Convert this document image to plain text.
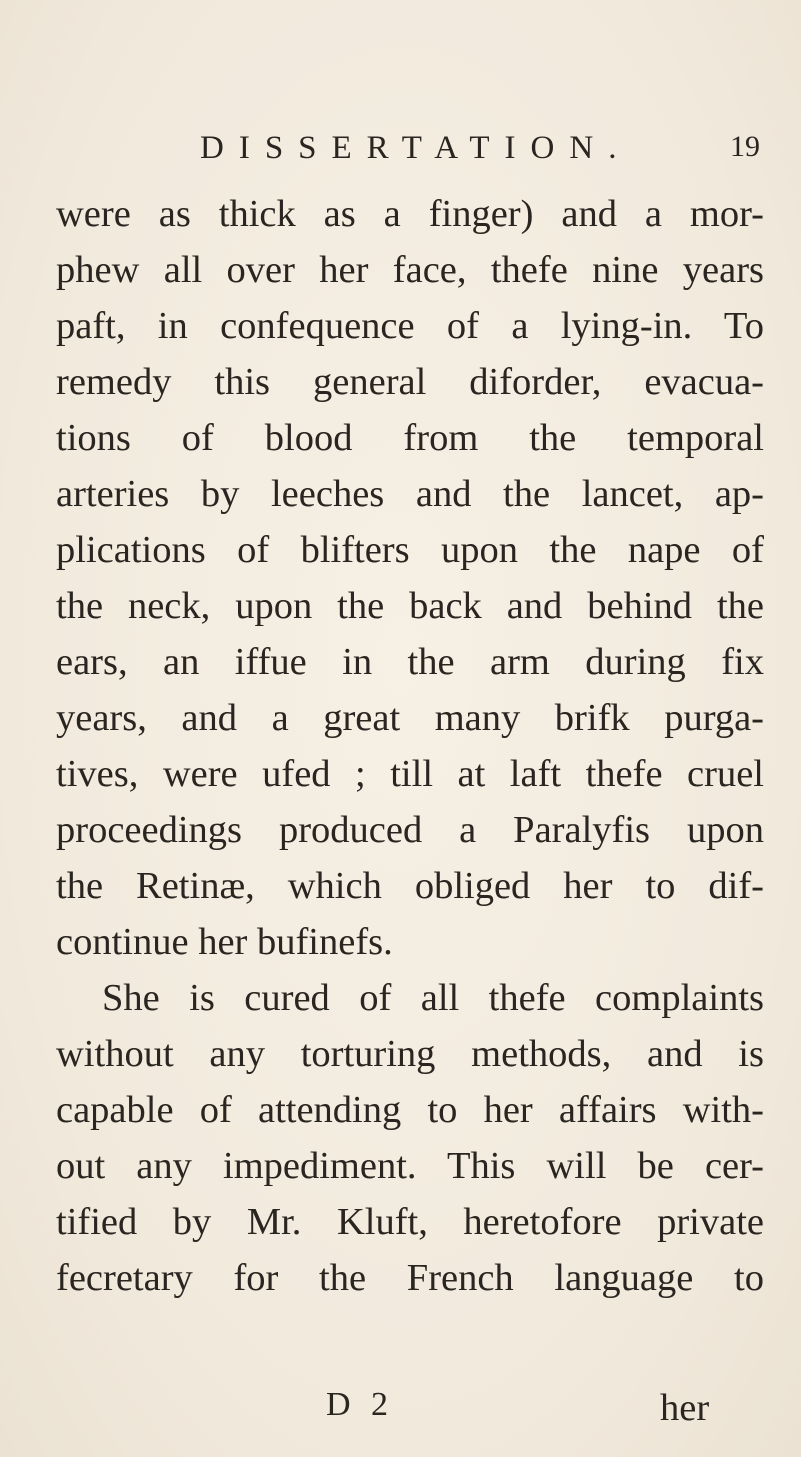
DISSERTATION.	19
were as thick as a finger) and a mor-
phew all over her face, thefe nine years
paft, in confequence of a lying-in. To
remedy this general diforder, evacua-
tions of blood from the temporal
arteries by leeches and the lancet, ap-
plications of blifters upon the nape of
the neck, upon the back and behind the
ears, an iffue in the arm during fix
years, and a great many brifk purga-
tives, were ufed ; till at laft thefe cruel
proceedings produced a Paralyfis upon
the Retinæ, which obliged her to dif-
continue her bufinefs.
She is cured of all thefe complaints
without any torturing methods, and is
capable of attending to her affairs with-
out any impediment. This will be cer-
tified by Mr. Kluft, heretofore private
fecretary for the French language to
D 2	her
